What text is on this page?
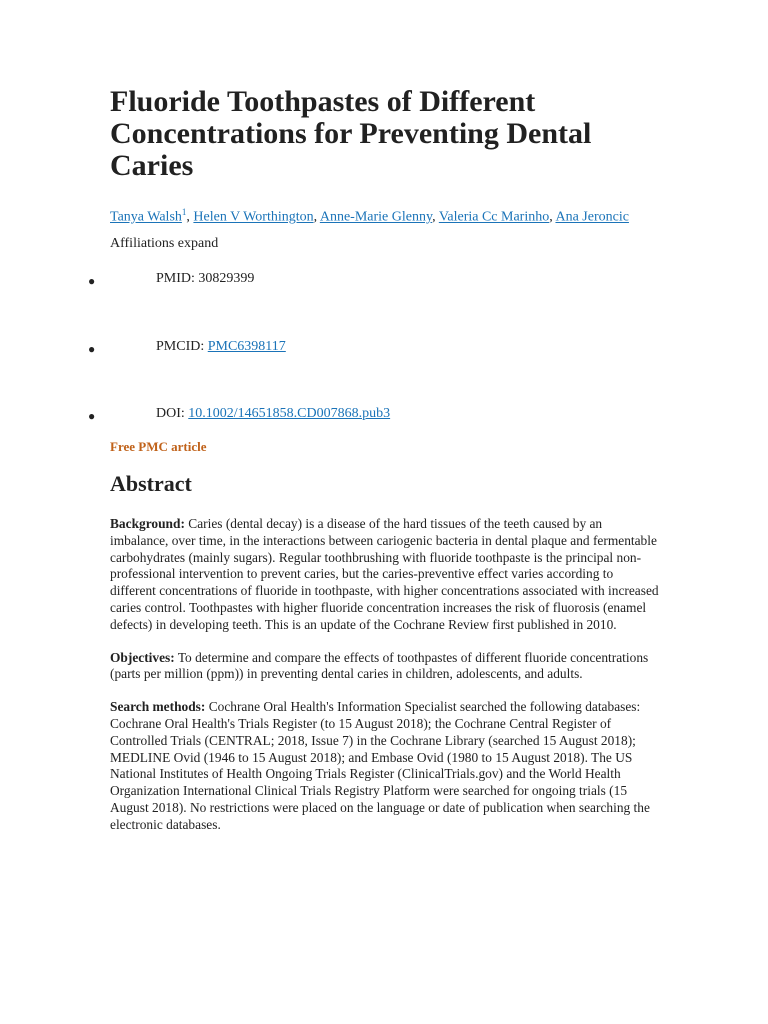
Fluoride Toothpastes of Different Concentrations for Preventing Dental Caries
Tanya Walsh$^1$, Helen V Worthington, Anne-Marie Glenny, Valeria Cc Marinho, Ana Jeroncic
Affiliations expand
●	PMID: 30829399
●	PMCID: PMC6398117
●	DOI: 10.1002/14651858.CD007868.pub3
Free PMC article
Abstract

Background: Caries (dental decay) is a disease of the hard tissues of the teeth caused by an imbalance, over time, in the interactions between cariogenic bacteria in dental plaque and fermentable carbohydrates (mainly sugars). Regular toothbrushing with fluoride toothpaste is the principal non-professional intervention to prevent caries, but the caries-preventive effect varies according to different concentrations of fluoride in toothpaste, with higher concentrations associated with increased caries control. Toothpastes with higher fluoride concentration increases the risk of fluorosis (enamel defects) in developing teeth. This is an update of the Cochrane Review first published in 2010.

Objectives: To determine and compare the effects of toothpastes of different fluoride concentrations (parts per million (ppm)) in preventing dental caries in children, adolescents, and adults.

Search methods: Cochrane Oral Health's Information Specialist searched the following databases: Cochrane Oral Health's Trials Register (to 15 August 2018); the Cochrane Central Register of Controlled Trials (CENTRAL; 2018, Issue 7) in the Cochrane Library (searched 15 August 2018); MEDLINE Ovid (1946 to 15 August 2018); and Embase Ovid (1980 to 15 August 2018). The US National Institutes of Health Ongoing Trials Register (ClinicalTrials.gov) and the World Health Organization International Clinical Trials Registry Platform were searched for ongoing trials (15 August 2018). No restrictions were placed on the language or date of publication when searching the electronic databases.
